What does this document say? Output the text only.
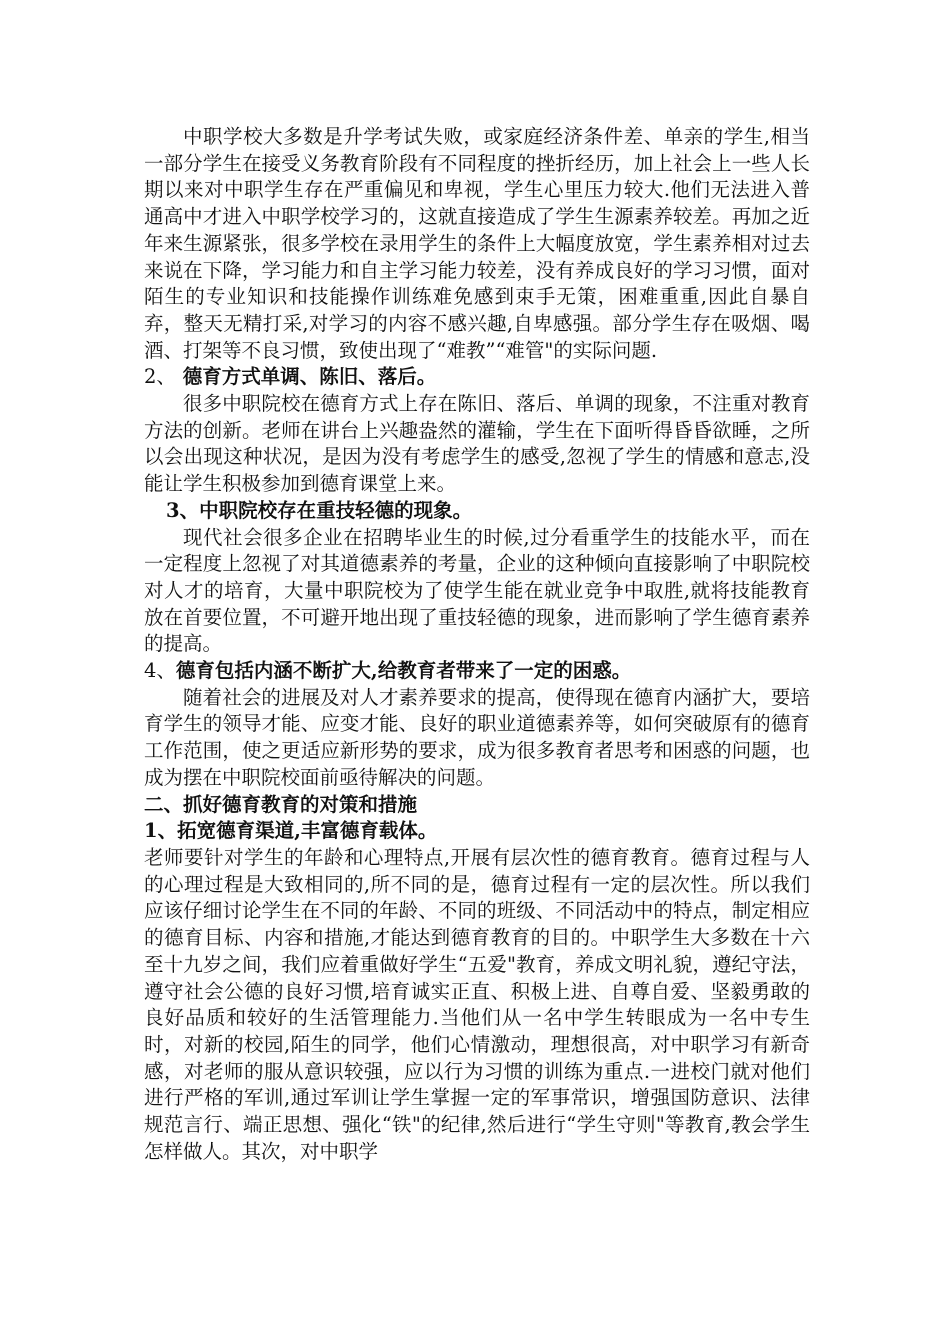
中职学校大多数是升学考试失败，或家庭经济条件差、单亲的学生,相当一部分学生在接受义务教育阶段有不同程度的挫折经历，加上社会上一些人长期以来对中职学生存在严重偏见和卑视，学生心里压力较大.他们无法进入普通高中才进入中职学校学习的，这就直接造成了学生生源素养较差。再加之近年来生源紧张，很多学校在录用学生的条件上大幅度放宽，学生素养相对过去来说在下降，学习能力和自主学习能力较差，没有养成良好的学习习惯，面对陌生的专业知识和技能操作训练难免感到束手无策，困难重重,因此自暴自弃，整天无精打采,对学习的内容不感兴趣,自卑感强。部分学生存在吸烟、喝酒、打架等不良习惯，致使出现了“难教”“难管"的实际问题.

2、 德育方式单调、陈旧、落后。

很多中职院校在德育方式上存在陈旧、落后、单调的现象，不注重对教育方法的创新。老师在讲台上兴趣盎然的灌输，学生在下面听得昏昏欲睡，之所以会出现这种状况，是因为没有考虑学生的感受,忽视了学生的情感和意志,没能让学生积极参加到德育课堂上来。

3、中职院校存在重技轻德的现象。

现代社会很多企业在招聘毕业生的时候,过分看重学生的技能水平，而在一定程度上忽视了对其道德素养的考量，企业的这种倾向直接影响了中职院校对人才的培育，大量中职院校为了使学生能在就业竞争中取胜,就将技能教育放在首要位置，不可避开地出现了重技轻德的现象，进而影响了学生德育素养的提高。

4、德育包括内涵不断扩大,给教育者带来了一定的困惑。

随着社会的进展及对人才素养要求的提高，使得现在德育内涵扩大，要培育学生的领导才能、应变才能、良好的职业道德素养等，如何突破原有的德育工作范围，使之更适应新形势的要求，成为很多教育者思考和困惑的问题，也成为摆在中职院校面前亟待解决的问题。

二、抓好德育教育的对策和措施

1、拓宽德育渠道,丰富德育载体。

老师要针对学生的年龄和心理特点,开展有层次性的德育教育。德育过程与人的心理过程是大致相同的,所不同的是，德育过程有一定的层次性。所以我们应该仔细讨论学生在不同的年龄、不同的班级、不同活动中的特点，制定相应的德育目标、内容和措施,才能达到德育教育的目的。中职学生大多数在十六至十九岁之间，我们应着重做好学生“五爱"教育，养成文明礼貌，遵纪守法，遵守社会公德的良好习惯,培育诚实正直、积极上进、自尊自爱、坚毅勇敢的良好品质和较好的生活管理能力.当他们从一名中学生转眼成为一名中专生时，对新的校园,陌生的同学，他们心情激动，理想很高，对中职学习有新奇感，对老师的服从意识较强，应以行为习惯的训练为重点.一进校门就对他们进行严格的军训,通过军训让学生掌握一定的军事常识，增强国防意识、法律规范言行、端正思想、强化“铁"的纪律,然后进行“学生守则"等教育,教会学生怎样做人。其次，对中职学
